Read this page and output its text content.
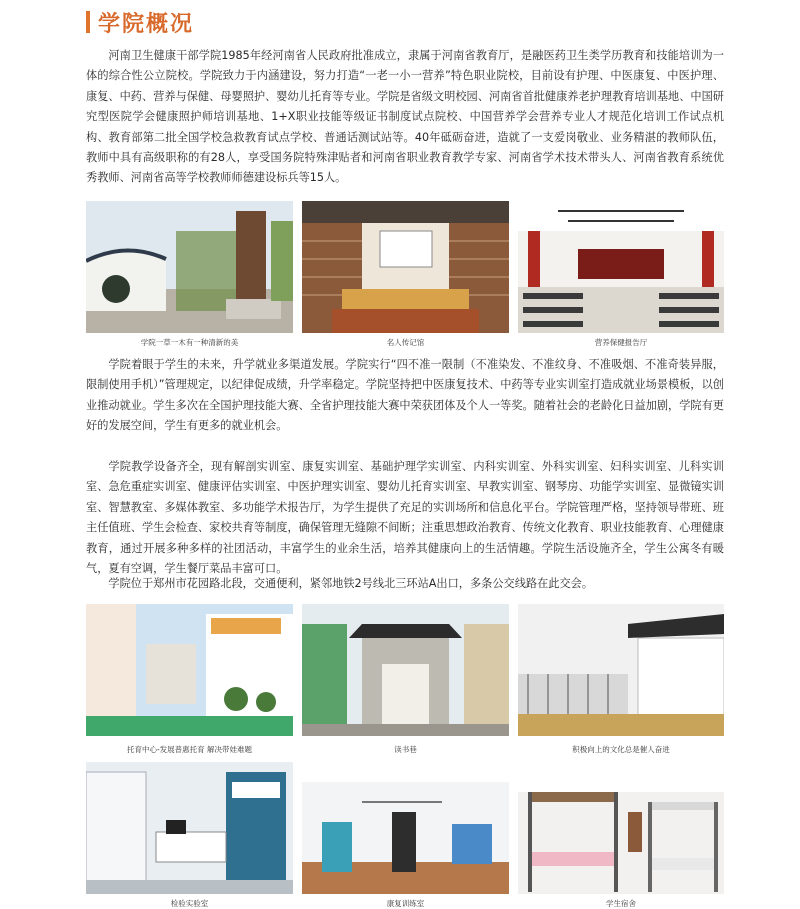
学院概况

河南卫生健康干部学院1985年经河南省人民政府批准成立，隶属于河南省教育厅，是融医药卫生类学历教育和技能培训为一体的综合性公立院校。学院致力于内涵建设，努力打造“一老一小一营养”特色职业院校，目前设有护理、中医康复、中医护理、康复、中药、营养与保健、母婴照护、婴幼儿托育等专业。学院是省级文明校园、河南省首批健康养老护理教育培训基地、中国研究型医院学会健康照护师培训基地、1+X职业技能等级证书制度试点院校、中国营养学会营养专业人才规范化培训工作试点机构、教育部第二批全国学校急救教育试点学校、普通话测试站等。40年砥砺奋进，造就了一支爱岗敬业、业务精湛的教师队伍，教师中具有高级职称的有28人，享受国务院特殊津贴者和河南省职业教育教学专家、河南省学术技术带头人、河南省教育系统优秀教师、河南省高等学校教师师德建设标兵等15人。

学院一草一木有一种清新的美	名人传记馆	营养保健报告厅

学院着眼于学生的未来，升学就业多渠道发展。学院实行“四不准一限制（不准染发、不准纹身、不准吸烟、不准奇装异服，限制使用手机）”管理规定，以纪律促成绩，升学率稳定。学院坚持把中医康复技术、中药等专业实训室打造成就业场景模板，以创业推动就业。学生多次在全国护理技能大赛、全省护理技能大赛中荣获团体及个人一等奖。随着社会的老龄化日益加剧，学院有更好的发展空间，学生有更多的就业机会。

学院教学设备齐全，现有解剖实训室、康复实训室、基础护理学实训室、内科实训室、外科实训室、妇科实训室、儿科实训室、急危重症实训室、健康评估实训室、中医护理实训室、婴幼儿托育实训室、早教实训室、钢琴房、功能学实训室、显微镜实训室、智慧教室、多媒体教室、多功能学术报告厅，为学生提供了充足的实训场所和信息化平台。学院管理严格，坚持领导带班、班主任值班、学生会检查、家校共育等制度，确保管理无缝隙不间断；注重思想政治教育、传统文化教育、职业技能教育、心理健康教育，通过开展多种多样的社团活动，丰富学生的业余生活，培养其健康向上的生活情趣。学院生活设施齐全，学生公寓冬有暖气，夏有空调，学生餐厅菜品丰富可口。

学院位于郑州市花园路北段，交通便利，紧邻地铁2号线北三环站A出口，多条公交线路在此交会。

托育中心-发展普惠托育 解决带娃难题	读书巷	积极向上的文化总是催人奋进
检验实验室	康复训练室	学生宿舍
